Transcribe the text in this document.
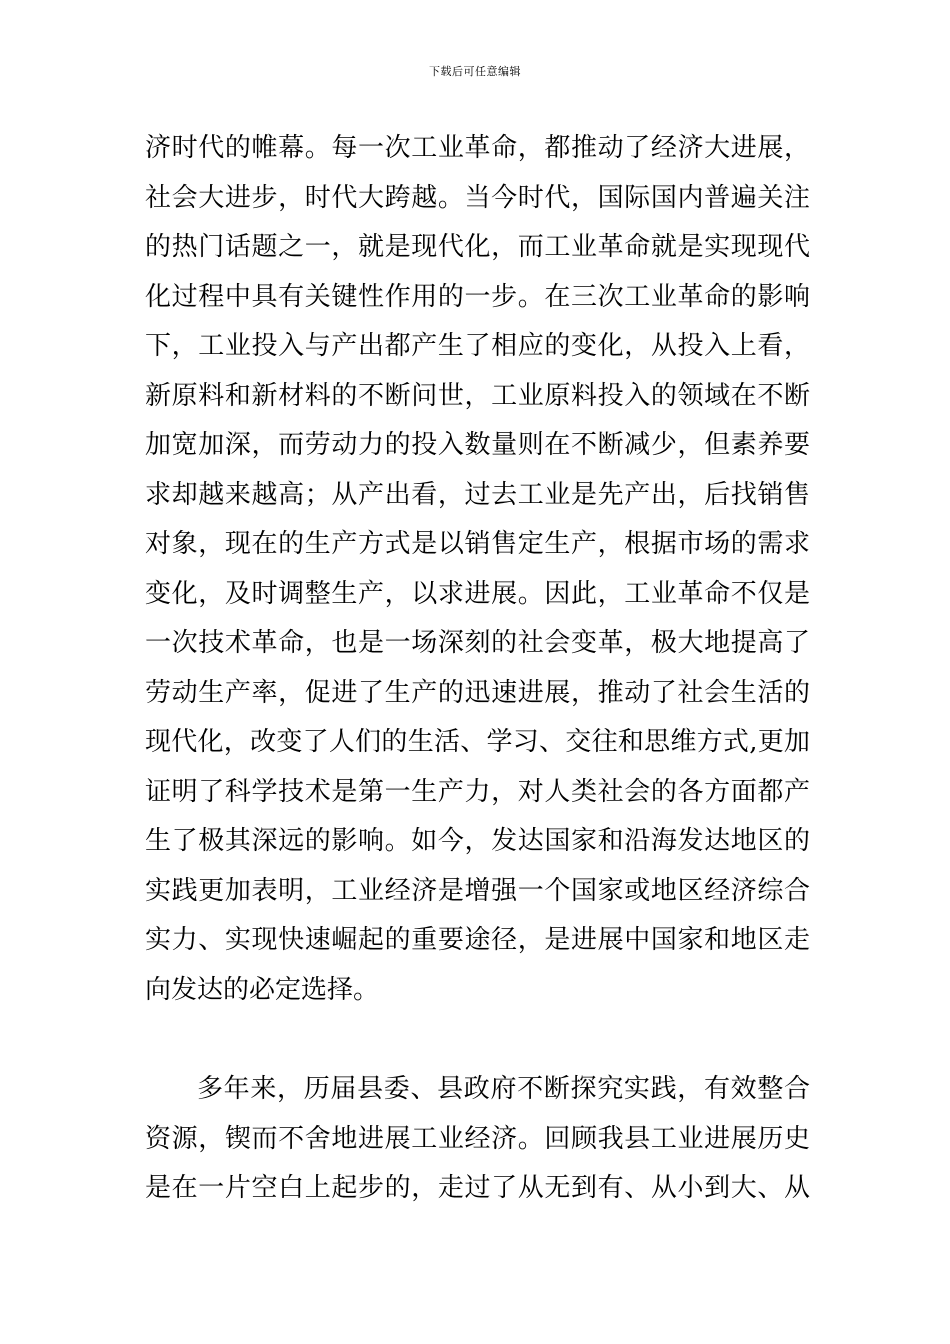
下载后可任意编辑
济时代的帷幕。每一次工业革命，都推动了经济大进展，
社会大进步，时代大跨越。当今时代，国际国内普遍关注
的热门话题之一，就是现代化，而工业革命就是实现现代
化过程中具有关键性作用的一步。在三次工业革命的影响
下，工业投入与产出都产生了相应的变化，从投入上看，
新原料和新材料的不断问世，工业原料投入的领域在不断
加宽加深，而劳动力的投入数量则在不断减少，但素养要
求却越来越高；从产出看，过去工业是先产出，后找销售
对象，现在的生产方式是以销售定生产，根据市场的需求
变化，及时调整生产，以求进展。因此，工业革命不仅是
一次技术革命，也是一场深刻的社会变革，极大地提高了
劳动生产率，促进了生产的迅速进展，推动了社会生活的
现代化，改变了人们的生活、学习、交往和思维方式,更加
证明了科学技术是第一生产力，对人类社会的各方面都产
生了极其深远的影响。如今，发达国家和沿海发达地区的
实践更加表明，工业经济是增强一个国家或地区经济综合
实力、实现快速崛起的重要途径，是进展中国家和地区走
向发达的必定选择。
多年来，历届县委、县政府不断探究实践，有效整合
资源，锲而不舍地进展工业经济。回顾我县工业进展历史
是在一片空白上起步的，走过了从无到有、从小到大、从
